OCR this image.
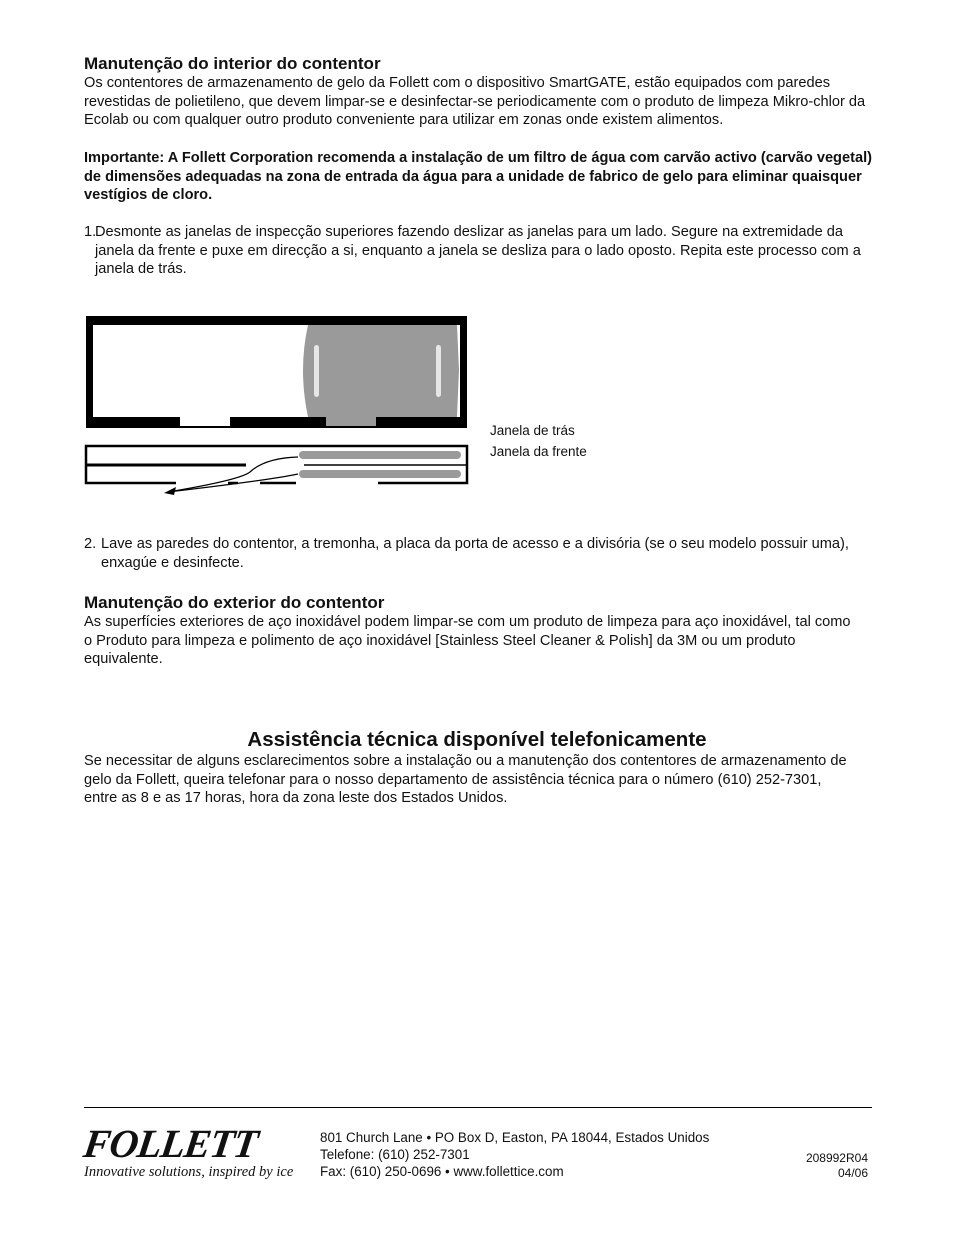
Manutenção do interior do contentor

Os contentores de armazenamento de gelo da Follett com o dispositivo SmartGATE, estão equipados com paredes revestidas de polietileno, que devem limpar-se e desinfectar-se periodicamente com o produto de limpeza Mikro-chlor da Ecolab ou com qualquer outro produto conveniente para utilizar em zonas onde existem alimentos.

Importante: A Follett Corporation recomenda a instalação de um filtro de água com carvão activo (carvão vegetal) de dimensões adequadas na zona de entrada da água para a unidade de fabrico de gelo para eliminar quaisquer vestígios de cloro.

1.

Desmonte as janelas de inspecção superiores fazendo deslizar as janelas para um lado. Segure na extremidade da janela da frente e puxe em direcção a si, enquanto a janela se desliza para o lado oposto. Repita este processo com a janela de trás.

Janela de trás
Janela da frente
2. Lave as paredes do contentor, a tremonha, a placa da porta de acesso e a divisória (se o seu modelo possuir uma), enxagúe e desinfecte.

Manutenção do exterior do contentor

As superfícies exteriores de aço inoxidável podem limpar-se com um produto de limpeza para aço inoxidável, tal como o Produto para limpeza e polimento de aço inoxidável [Stainless Steel Cleaner & Polish] da 3M ou um produto equivalente.

Assistência técnica disponível telefonicamente

Se necessitar de alguns esclarecimentos sobre a instalação ou a manutenção dos contentores de armazenamento de gelo da Follett, queira telefonar para o nosso departamento de assistência técnica para o número (610) 252-7301, entre as 8 e as 17 horas, hora da zona leste dos Estados Unidos.

FOLLETT
Innovative solutions, inspired by ice
801 Church Lane • PO Box D, Easton, PA 18044, Estados Unidos
Telefone: (610) 252-7301
Fax: (610) 250-0696 • www.follettice.com
208992R04
04/06
